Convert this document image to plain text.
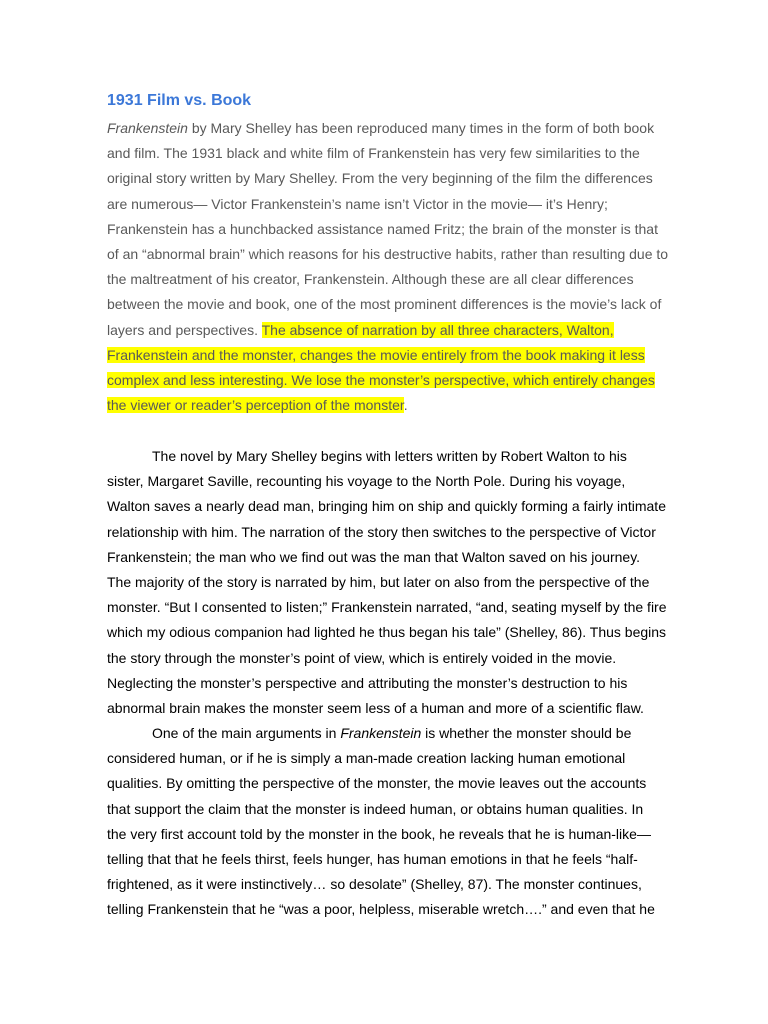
1931 Film vs. Book
Frankenstein by Mary Shelley has been reproduced many times in the form of both book
and film. The 1931 black and white film of Frankenstein has very few similarities to the
original story written by Mary Shelley. From the very beginning of the film the differences
are numerous— Victor Frankenstein’s name isn’t Victor in the movie— it’s Henry;
Frankenstein has a hunchbacked assistance named Fritz; the brain of the monster is that
of an “abnormal brain” which reasons for his destructive habits, rather than resulting due to
the maltreatment of his creator, Frankenstein. Although these are all clear differences
between the movie and book, one of the most prominent differences is the movie’s lack of
layers and perspectives. The absence of narration by all three characters, Walton,
Frankenstein and the monster, changes the movie entirely from the book making it less
complex and less interesting. We lose the monster’s perspective, which entirely changes
the viewer or reader’s perception of the monster.
The novel by Mary Shelley begins with letters written by Robert Walton to his
sister, Margaret Saville, recounting his voyage to the North Pole. During his voyage,
Walton saves a nearly dead man, bringing him on ship and quickly forming a fairly intimate
relationship with him. The narration of the story then switches to the perspective of Victor
Frankenstein; the man who we find out was the man that Walton saved on his journey.
The majority of the story is narrated by him, but later on also from the perspective of the
monster. “But I consented to listen;” Frankenstein narrated, “and, seating myself by the fire
which my odious companion had lighted he thus began his tale” (Shelley, 86). Thus begins
the story through the monster’s point of view, which is entirely voided in the movie.
Neglecting the monster’s perspective and attributing the monster’s destruction to his
abnormal brain makes the monster seem less of a human and more of a scientific flaw.
One of the main arguments in Frankenstein is whether the monster should be
considered human, or if he is simply a man-made creation lacking human emotional
qualities. By omitting the perspective of the monster, the movie leaves out the accounts
that support the claim that the monster is indeed human, or obtains human qualities. In
the very first account told by the monster in the book, he reveals that he is human-like—
telling that that he feels thirst, feels hunger, has human emotions in that he feels “half-
frightened, as it were instinctively… so desolate” (Shelley, 87). The monster continues,
telling Frankenstein that he “was a poor, helpless, miserable wretch….” and even that he
